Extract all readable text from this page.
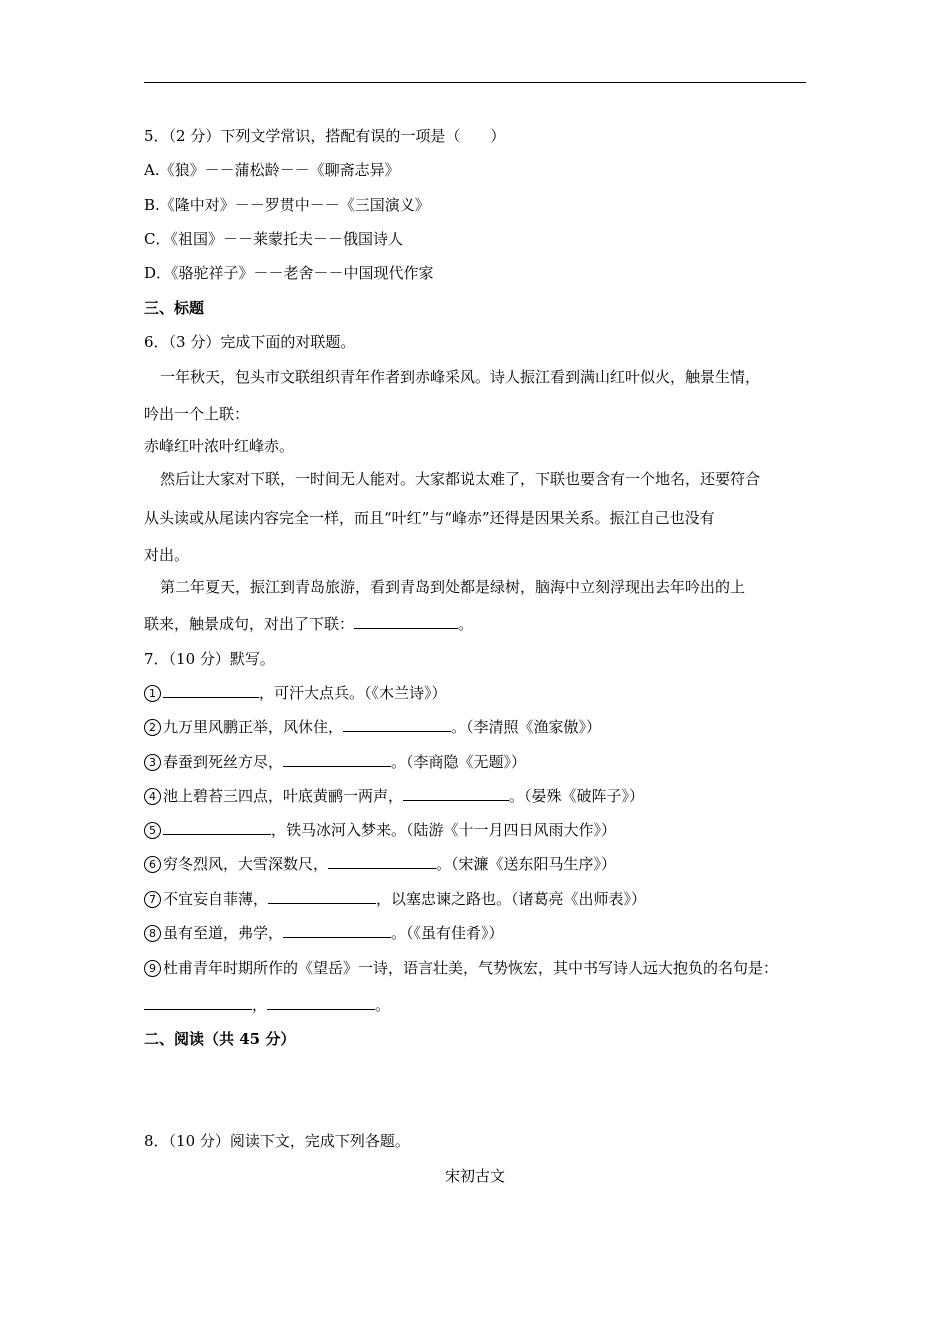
5．（2 分）下列文学常识，搭配有误的一项是（　　）
A.《狼》－－蒲松龄－－《聊斋志异》
B.《隆中对》－－罗贯中－－《三国演义》
C．《祖国》－－莱蒙托夫－－俄国诗人
D．《骆驼祥子》－－老舍－－中国现代作家
三、标题
6．（3 分）完成下面的对联题。
一年秋天，包头市文联组织青年作者到赤峰采风。诗人振江看到满山红叶似火，触景生情，
吟出一个上联：
赤峰红叶浓叶红峰赤。
然后让大家对下联，一时间无人能对。大家都说太难了，下联也要含有一个地名，还要符合
从头读或从尾读内容完全一样，而且“叶红”与“峰赤”还得是因果关系。振江自己也没有
对出。
第二年夏天，振江到青岛旅游，看到青岛到处都是绿树，脑海中立刻浮现出去年吟出的上
联来，触景成句，对出了下联：	。
7．（10 分）默写。
1	，可汗大点兵。（《木兰诗》）
2 九万里风鹏正举，风休住，	。（李清照《渔家傲》）
3 春蚕到死丝方尽，	。（李商隐《无题》）
4 池上碧苔三四点，叶底黄鹂一两声，	。（晏殊《破阵子》）
5	，铁马冰河入梦来。（陆游《十一月四日风雨大作》）
6 穷冬烈风，大雪深数尺，	。（宋濂《送东阳马生序》）
7 不宜妄自菲薄，	，以塞忠谏之路也。（诸葛亮《出师表》）
8 虽有至道，弗学，	。（《虽有佳肴》）
9 杜甫青年时期所作的《望岳》一诗，语言壮美，气势恢宏，其中书写诗人远大抱负的名句是：
，	。
二、阅读（共 45 分）
8．（10 分）阅读下文，完成下列各题。
宋初古文
